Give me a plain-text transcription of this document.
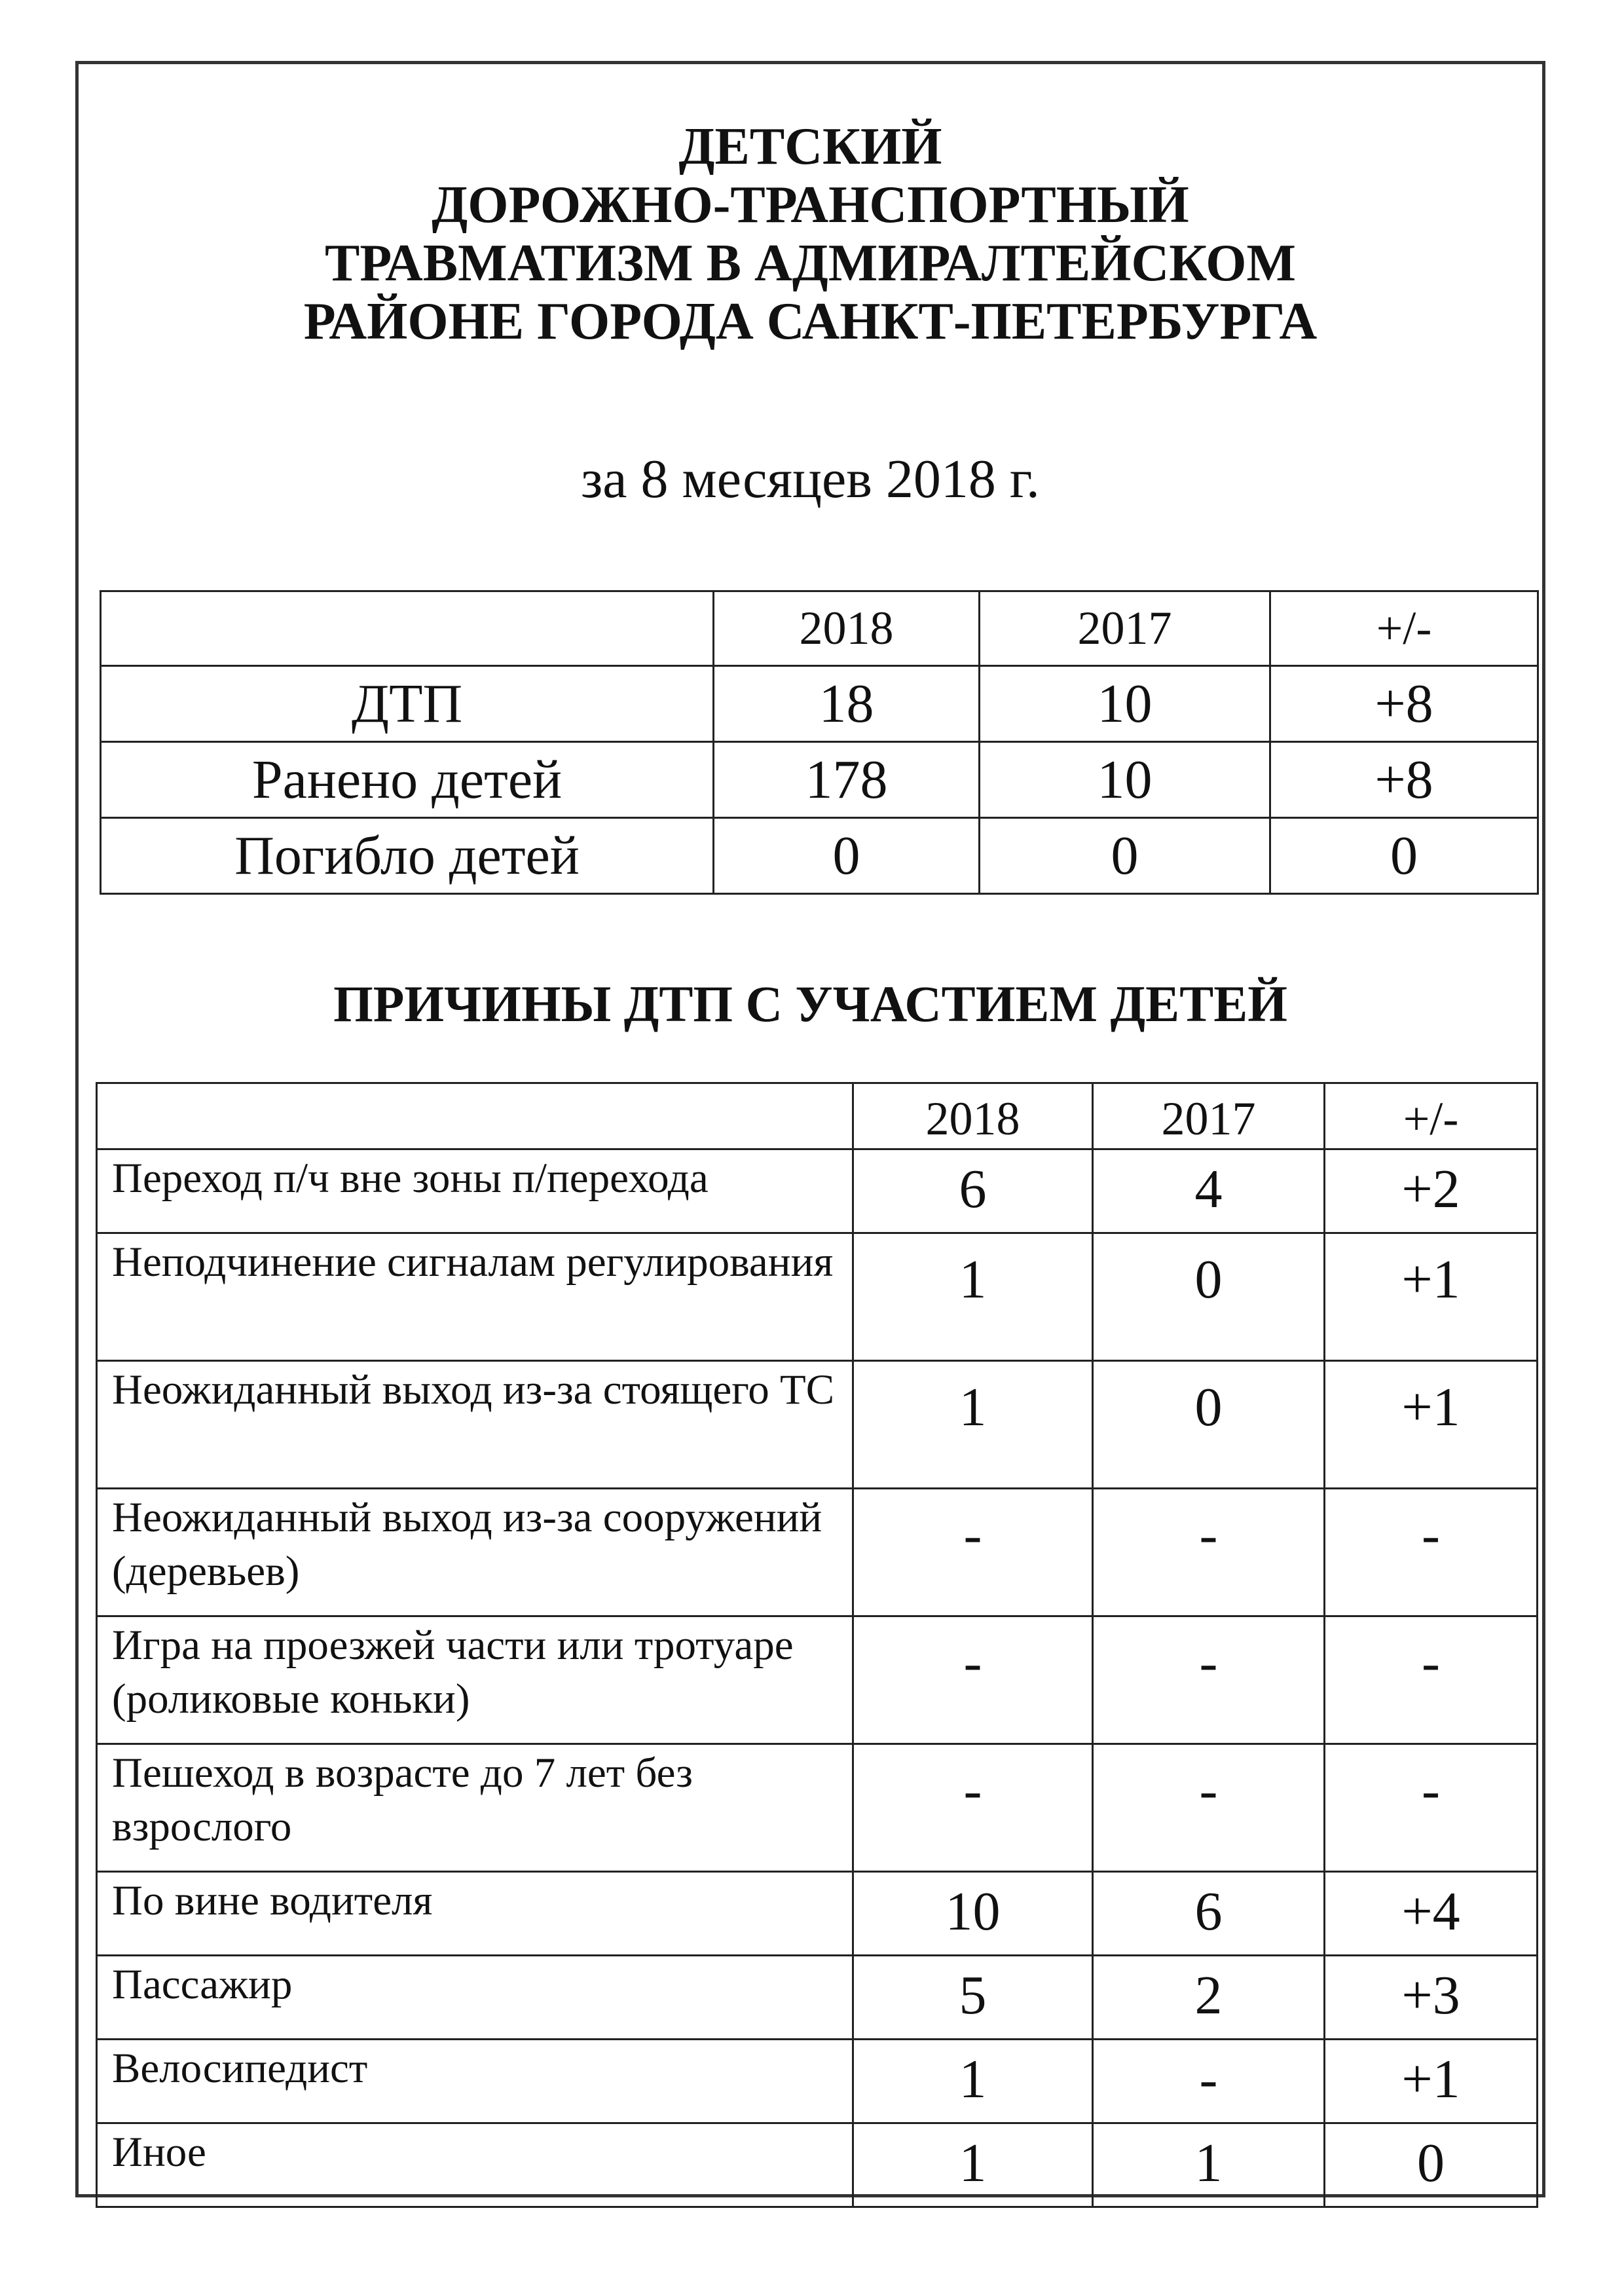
ДЕТСКИЙ
ДОРОЖНО-ТРАНСПОРТНЫЙ
ТРАВМАТИЗМ В АДМИРАЛТЕЙСКОМ
РАЙОНЕ ГОРОДА САНКТ-ПЕТЕРБУРГА
за 8 месяцев 2018 г.
	2018	2017	+/-
ДТП	18	10	+8
Ранено детей	178	10	+8
Погибло детей	0	0	0
ПРИЧИНЫ ДТП С УЧАСТИЕМ ДЕТЕЙ
	2018	2017	+/-
Переход п/ч вне зоны п/перехода	6	4	+2
Неподчинение сигналам регулирования	1	0	+1
Неожиданный выход из-за стоящего ТС	1	0	+1
Неожиданный выход из-за сооружений (деревьев)	-	-	-
Игра на проезжей части или тротуаре (роликовые коньки)	-	-	-
Пешеход в возрасте до 7 лет без взрослого	-	-	-
По вине водителя	10	6	+4
Пассажир	5	2	+3
Велосипедист	1	-	+1
Иное	1	1	0
